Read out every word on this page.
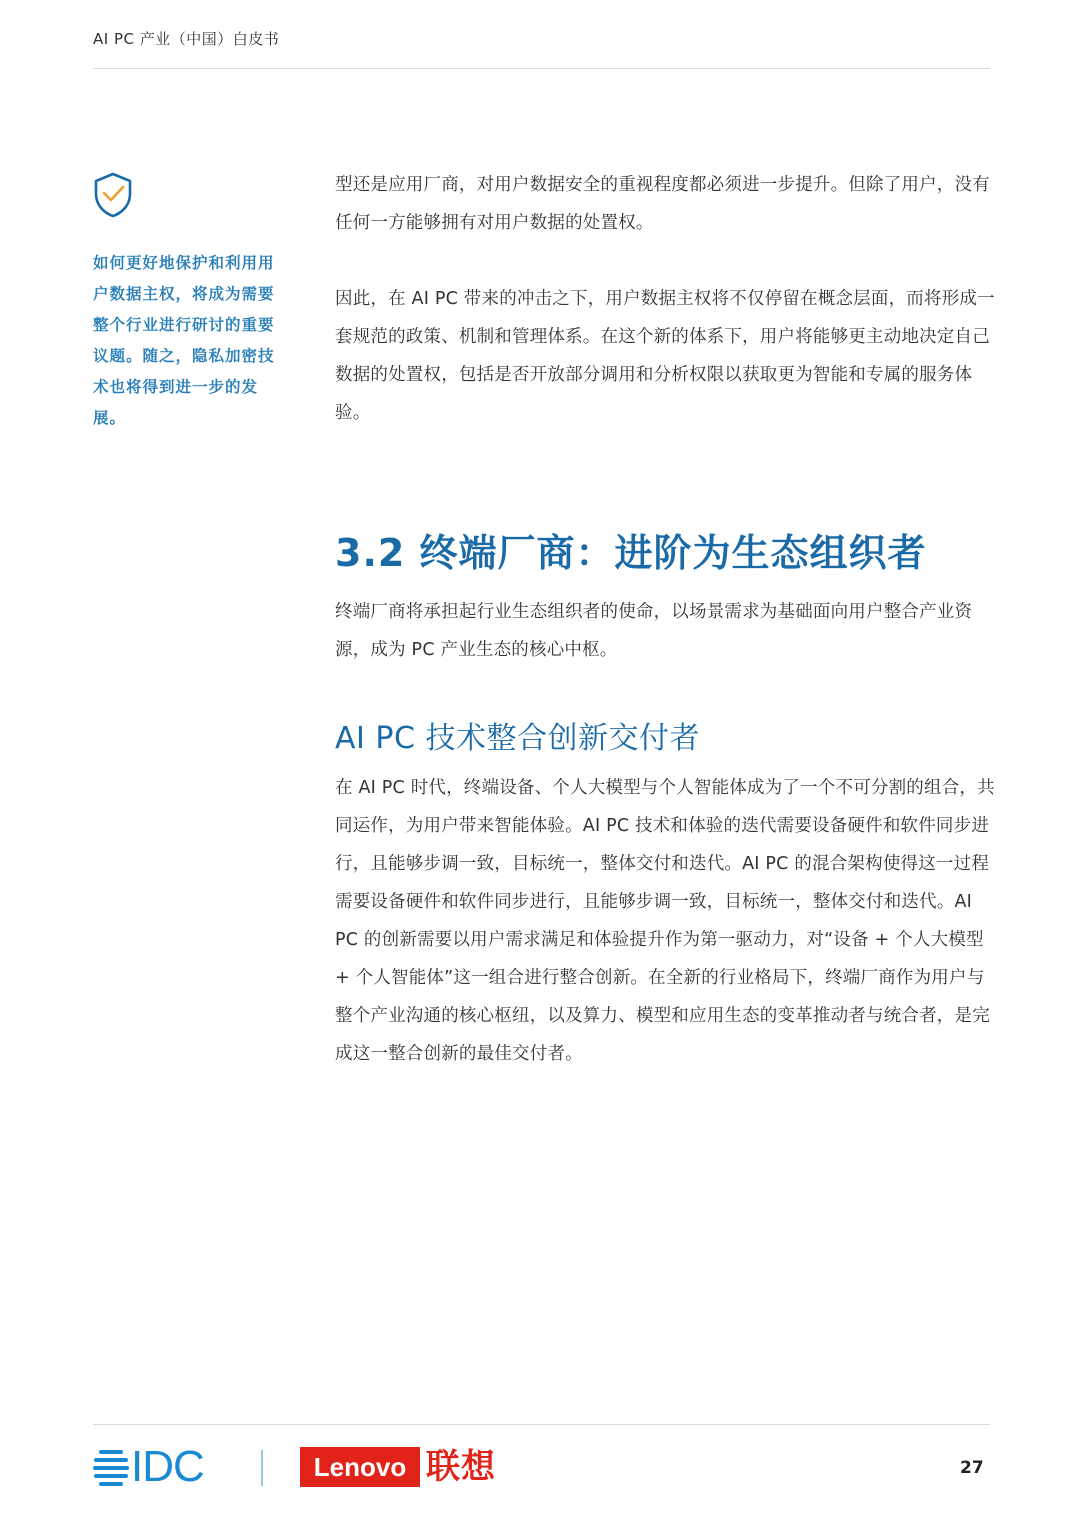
AI PC 产业（中国）白皮书
如何更好地保护和利用用户数据主权，将成为需要整个行业进行研讨的重要议题。随之，隐私加密技术也将得到进一步的发展。

型还是应用厂商，对用户数据安全的重视程度都必须进一步提升。但除了用户，没有任何一方能够拥有对用户数据的处置权。

因此，在 AI PC 带来的冲击之下，用户数据主权将不仅停留在概念层面，而将形成一套规范的政策、机制和管理体系。在这个新的体系下，用户将能够更主动地决定自己数据的处置权，包括是否开放部分调用和分析权限以获取更为智能和专属的服务体验。

3.2 终端厂商：进阶为生态组织者

终端厂商将承担起行业生态组织者的使命，以场景需求为基础面向用户整合产业资源，成为 PC 产业生态的核心中枢。

AI PC 技术整合创新交付者

在 AI PC 时代，终端设备、个人大模型与个人智能体成为了一个不可分割的组合，共同运作，为用户带来智能体验。AI PC 技术和体验的迭代需要设备硬件和软件同步进行，且能够步调一致，目标统一，整体交付和迭代。AI PC 的混合架构使得这一过程需要设备硬件和软件同步进行，且能够步调一致，目标统一，整体交付和迭代。AI PC 的创新需要以用户需求满足和体验提升作为第一驱动力，对“设备 + 个人大模型 + 个人智能体”这一组合进行整合创新。在全新的行业格局下，终端厂商作为用户与整个产业沟通的核心枢纽，以及算力、模型和应用生态的变革推动者与统合者，是完成这一整合创新的最佳交付者。

IDC	Lenovo 联想	27
